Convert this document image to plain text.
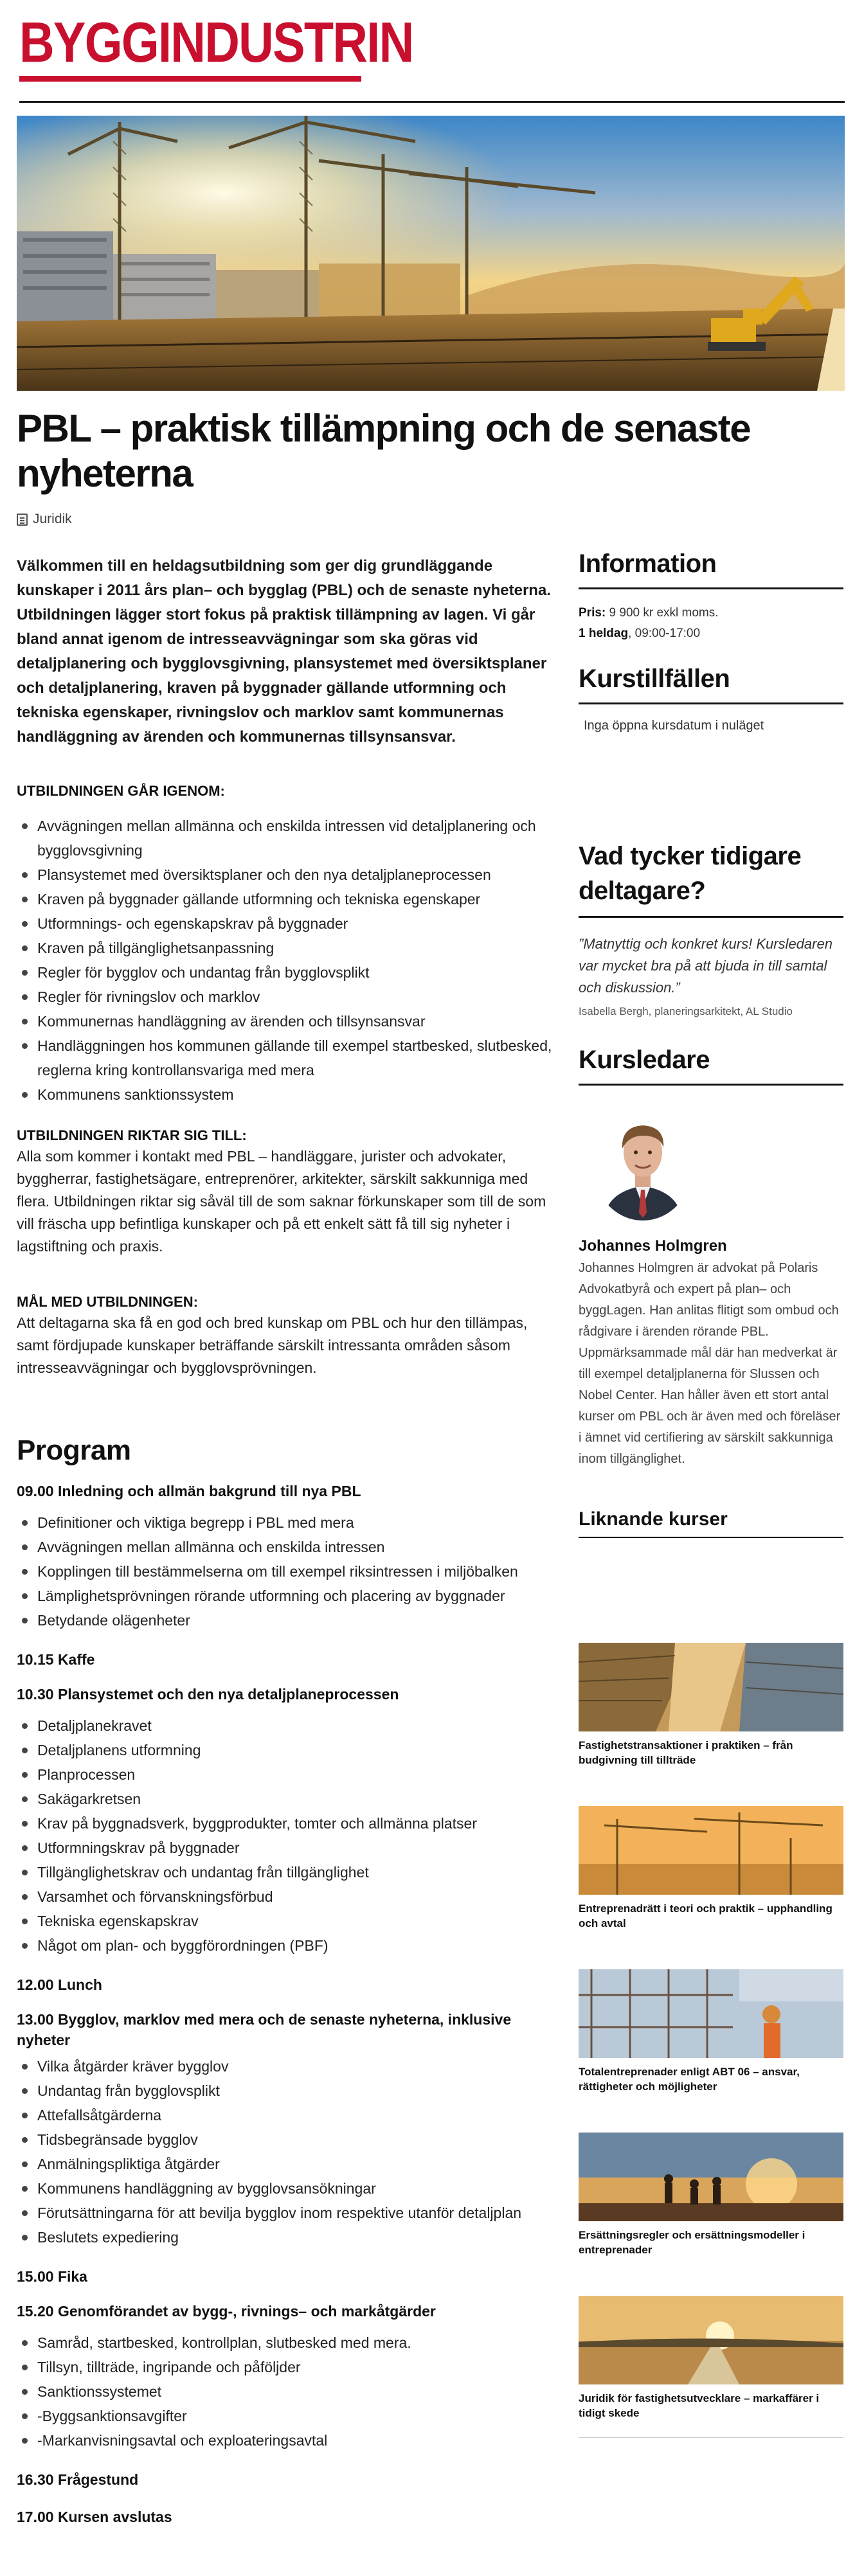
BYGGINDUSTRIN
PBL – praktisk tillämpning och de senaste nyheterna
Juridik

Välkommen till en heldagsutbildning som ger dig grundläggande kunskaper i 2011 års plan– och bygglag (PBL) och de senaste nyheterna. Utbildningen lägger stort fokus på praktisk tillämpning av lagen. Vi går bland annat igenom de intresseavvägningar som ska göras vid detaljplanering och bygglovsgivning, plansystemet med översiktsplaner och detaljplanering, kraven på byggnader gällande utformning och tekniska egenskaper, rivningslov och marklov samt kommunernas handläggning av ärenden och kommunernas tillsynsansvar.

UTBILDNINGEN GÅR IGENOM:
Avvägningen mellan allmänna och enskilda intressen vid detaljplanering och bygglovsgivning
Plansystemet med översiktsplaner och den nya detaljplaneprocessen
Kraven på byggnader gällande utformning och tekniska egenskaper
Utformnings- och egenskapskrav på byggnader
Kraven på tillgänglighetsanpassning
Regler för bygglov och undantag från bygglovsplikt
Regler för rivningslov och marklov
Kommunernas handläggning av ärenden och tillsynsansvar
Handläggningen hos kommunen gällande till exempel startbesked, slutbesked, reglerna kring kontrollansvariga med mera
Kommunens sanktionssystem
UTBILDNINGEN RIKTAR SIG TILL:

Alla som kommer i kontakt med PBL – handläggare, jurister och advokater, byggherrar, fastighetsägare, entreprenörer, arkitekter, särskilt sakkunniga med flera. Utbildningen riktar sig såväl till de som saknar förkunskaper som till de som vill fräscha upp befintliga kunskaper och på ett enkelt sätt få till sig nyheter i lagstiftning och praxis.

MÅL MED UTBILDNINGEN:

Att deltagarna ska få en god och bred kunskap om PBL och hur den tillämpas, samt fördjupade kunskaper beträffande särskilt intressanta områden såsom intresseavvägningar och bygglovsprövningen.

Program
09.00 Inledning och allmän bakgrund till nya PBL
Definitioner och viktiga begrepp i PBL med mera
Avvägningen mellan allmänna och enskilda intressen
Kopplingen till bestämmelserna om till exempel riksintressen i miljöbalken
Lämplighetsprövningen rörande utformning och placering av byggnader
Betydande olägenheter
10.15 Kaffe
10.30 Plansystemet och den nya detaljplaneprocessen
Detaljplanekravet
Detaljplanens utformning
Planprocessen
Sakägarkretsen
Krav på byggnadsverk, byggprodukter, tomter och allmänna platser
Utformningskrav på byggnader
Tillgänglighetskrav och undantag från tillgänglighet
Varsamhet och förvanskningsförbud
Tekniska egenskapskrav
Något om plan- och byggförordningen (PBF)
12.00 Lunch
13.00 Bygglov, marklov med mera och de senaste nyheterna, inklusive nyheter
Vilka åtgärder kräver bygglov
Undantag från bygglovsplikt
Attefallsåtgärderna
Tidsbegränsade bygglov
Anmälningspliktiga åtgärder
Kommunens handläggning av bygglovsansökningar
Förutsättningarna för att bevilja bygglov inom respektive utanför detaljplan
Beslutets expediering
15.00 Fika
15.20 Genomförandet av bygg-, rivnings– och markåtgärder
Samråd, startbesked, kontrollplan, slutbesked med mera.
Tillsyn, tillträde, ingripande och påföljder
Sanktionssystemet
-Byggsanktionsavgifter
-Markanvisningsavtal och exploateringsavtal
16.30 Frågestund
17.00 Kursen avslutas
Information
Pris: 9 900 kr exkl moms.
1 heldag, 09:00-17:00
Kurstillfällen

Inga öppna kursdatum i nuläget

Vad tycker tidigare deltagare?

”Matnyttig och konkret kurs! Kursledaren var mycket bra på att bjuda in till samtal och diskussion.”

Isabella Bergh, planeringsarkitekt, AL Studio

Kursledare
Johannes Holmgren

Johannes Holmgren är advokat på Polaris Advokatbyrå och expert på plan– och byggLagen. Han anlitas flitigt som ombud och rådgivare i ärenden rörande PBL. Uppmärksammade mål där han medverkat är till exempel detaljplanerna för Slussen och Nobel Center. Han håller även ett stort antal kurser om PBL och är även med och föreläser i ämnet vid certifiering av särskilt sakkunniga inom tillgänglighet.

Liknande kurser
Fastighetstransaktioner i praktiken – från budgivning till tillträde
Entreprenadrätt i teori och praktik – upphandling och avtal
Totalentreprenader enligt ABT 06 – ansvar, rättigheter och möjligheter
Ersättningsregler och ersättningsmodeller i entreprenader
Juridik för fastighetsutvecklare – markaffärer i tidigt skede
